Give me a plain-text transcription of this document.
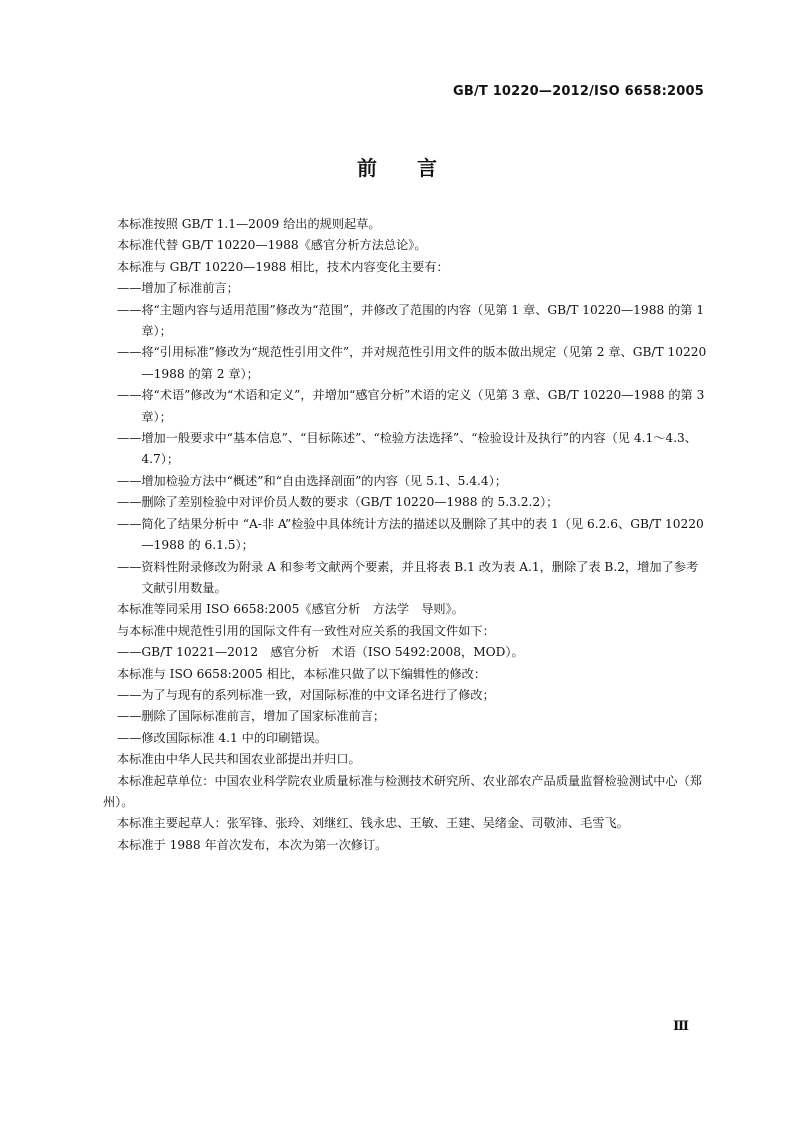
GB/T 10220—2012/ISO 6658:2005
前　　言
本标准按照 GB/T 1.1—2009 给出的规则起草。
本标准代替 GB/T 10220—1988《感官分析方法总论》。
本标准与 GB/T 10220—1988 相比，技术内容变化主要有：
—— 增加了标准前言；
—— 将“主题内容与适用范围”修改为“范围”，并修改了范围的内容（见第 1 章、GB/T 10220—1988 的第 1 章）；
—— 将“引用标准”修改为“规范性引用文件”，并对规范性引用文件的版本做出规定（见第 2 章、GB/T 10220—1988 的第 2 章）；
—— 将“术语”修改为“术语和定义”，并增加“感官分析”术语的定义（见第 3 章、GB/T 10220—1988 的第 3 章）；
—— 增加一般要求中“基本信息”、“目标陈述”、“检验方法选择”、“检验设计及执行”的内容（见 4.1～4.3、4.7）；
—— 增加检验方法中“概述”和“自由选择剖面”的内容（见 5.1、5.4.4）；
—— 删除了差别检验中对评价员人数的要求（GB/T 10220—1988 的 5.3.2.2）；
—— 简化了结果分析中 “A-非 A”检验中具体统计方法的描述以及删除了其中的表 1（见 6.2.6、GB/T 10220—1988 的 6.1.5）；
—— 资料性附录修改为附录 A 和参考文献两个要素，并且将表 B.1 改为表 A.1，删除了表 B.2，增加了参考文献引用数量。
本标准等同采用 ISO 6658:2005《感官分析　方法学　导则》。
与本标准中规范性引用的国际文件有一致性对应关系的我国文件如下：
—— GB/T 10221—2012　感官分析　术语（ISO 5492:2008，MOD）。
本标准与 ISO 6658:2005 相比，本标准只做了以下编辑性的修改：
—— 为了与现有的系列标准一致，对国际标准的中文译名进行了修改；
—— 删除了国际标准前言，增加了国家标准前言；
—— 修改国际标准 4.1 中的印刷错误。
本标准由中华人民共和国农业部提出并归口。
本标准起草单位：中国农业科学院农业质量标准与检测技术研究所、农业部农产品质量监督检验测试中心（郑州）。
本标准主要起草人：张军锋、张玲、刘继红、钱永忠、王敏、王建、吴绪金、司敬沛、毛雪飞。
本标准于 1988 年首次发布，本次为第一次修订。
Ⅲ
